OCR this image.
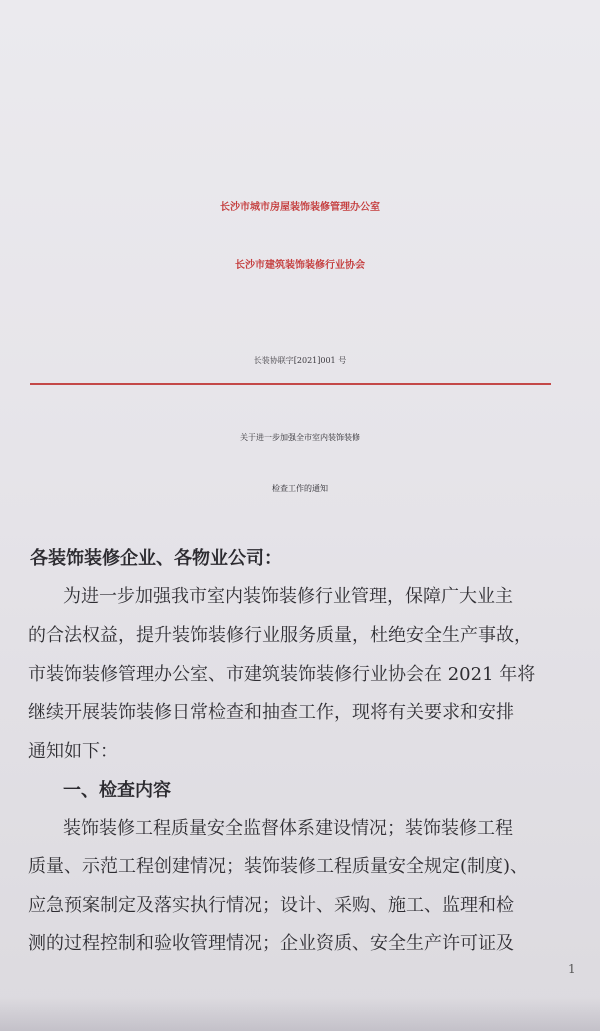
长沙市城市房屋装饰装修管理办公室
长沙市建筑装饰装修行业协会
长装协联字[2021]001 号
关于进一步加强全市室内装饰装修
检查工作的通知
各装饰装修企业、各物业公司：
为进一步加强我市室内装饰装修行业管理，保障广大业主
的合法权益，提升装饰装修行业服务质量，杜绝安全生产事故，
市装饰装修管理办公室、市建筑装饰装修行业协会在 2021 年将
继续开展装饰装修日常检查和抽查工作，现将有关要求和安排
通知如下：
一、检查内容
装饰装修工程质量安全监督体系建设情况；装饰装修工程
质量、示范工程创建情况；装饰装修工程质量安全规定(制度)、
应急预案制定及落实执行情况；设计、采购、施工、监理和检
测的过程控制和验收管理情况；企业资质、安全生产许可证及
1
